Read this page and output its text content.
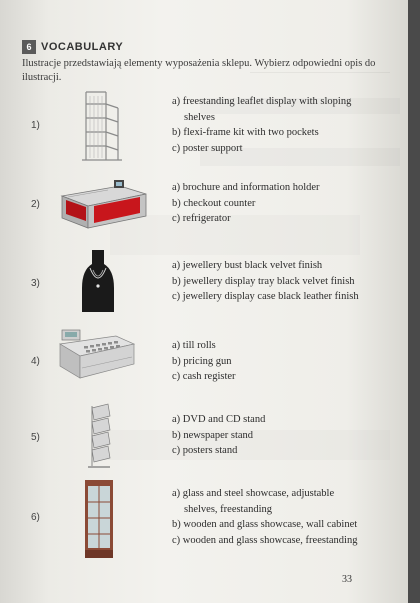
6 VOCABULARY
Ilustracje przedstawiają elementy wyposażenia sklepu. Wybierz odpowiedni opis do ilustracji.
1)
a) freestanding leaflet display with sloping
shelves
b) flexi-frame kit with two pockets
c) poster support
2)
a) brochure and information holder
b) checkout counter
c) refrigerator
3)
a) jewellery bust black velvet finish
b) jewellery display tray black velvet finish
c) jewellery display case black leather finish
4)
a) till rolls
b) pricing gun
c) cash register
5)
a) DVD and CD stand
b) newspaper stand
c) posters stand
6)
a) glass and steel showcase, adjustable
shelves, freestanding
b) wooden and glass showcase, wall cabinet
c) wooden and glass showcase, freestanding
33
